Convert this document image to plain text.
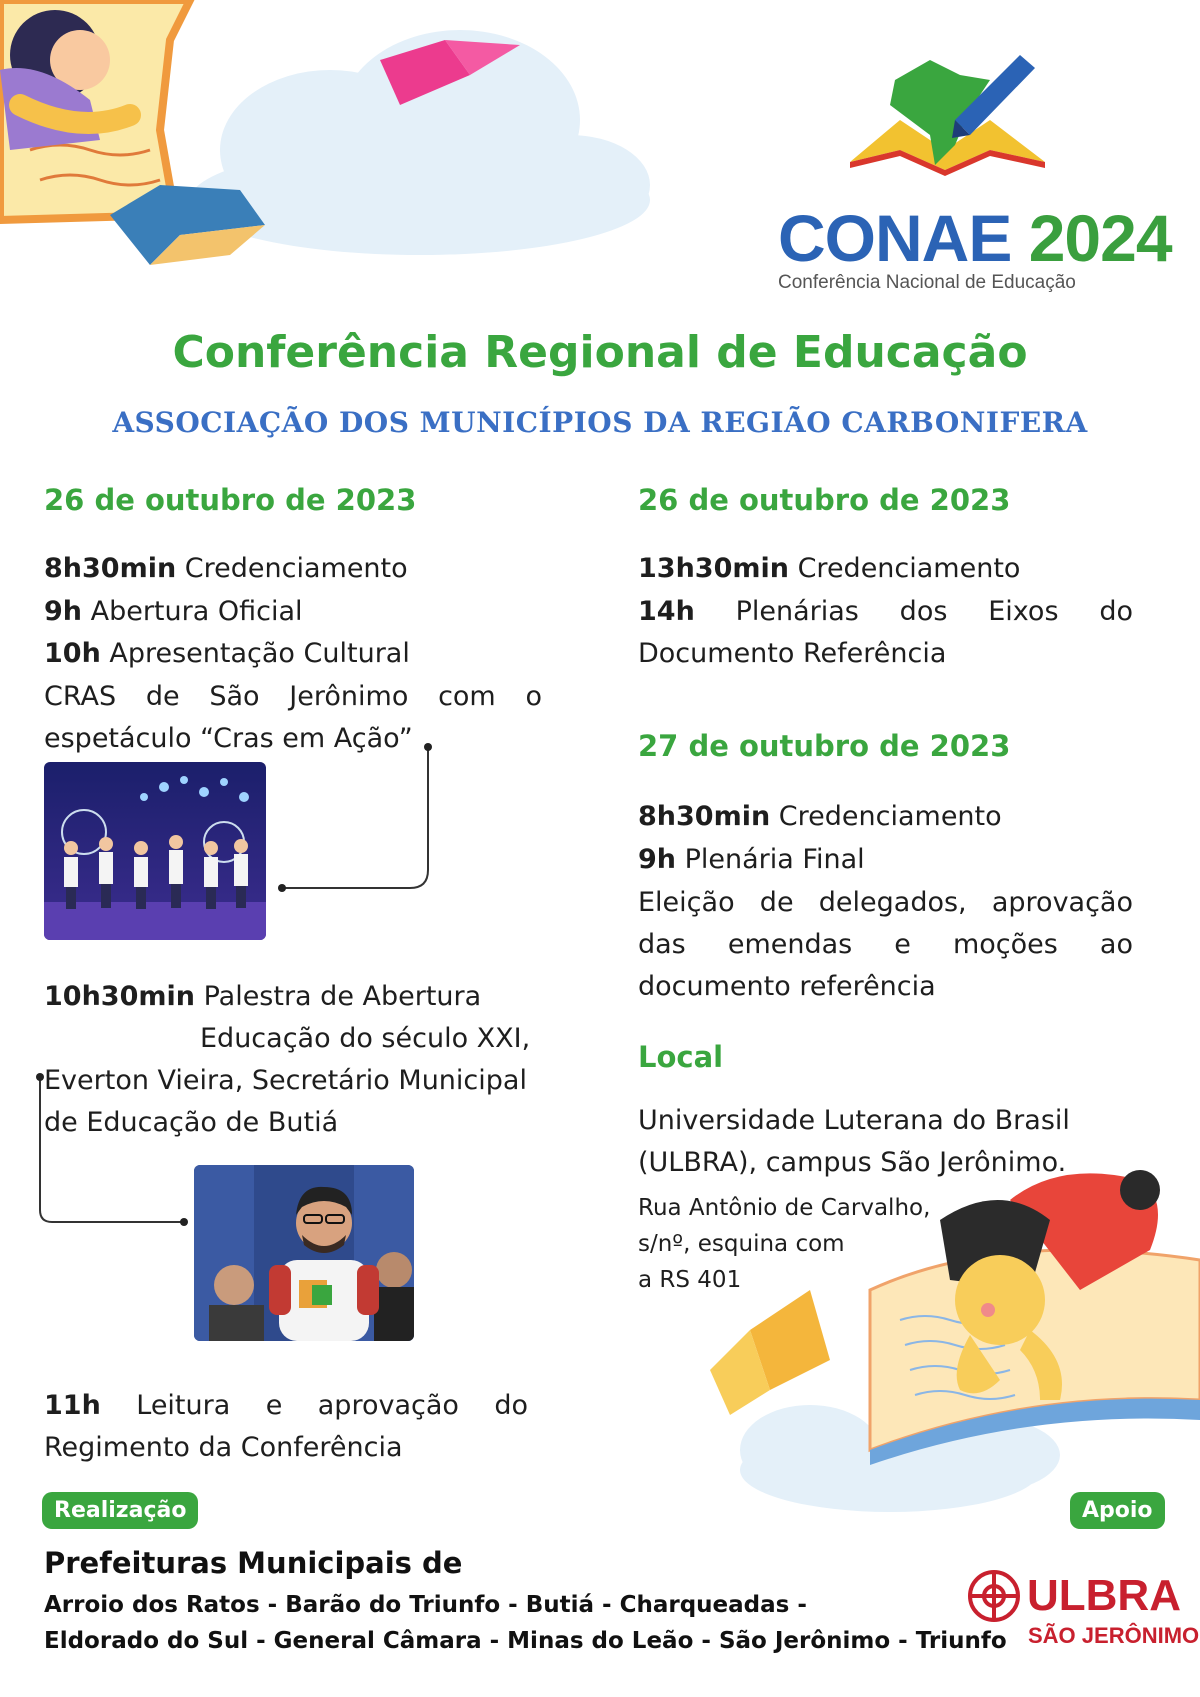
CONAE 2024
Conferência Nacional de Educação
Conferência Regional de Educação
ASSOCIAÇÃO DOS MUNICÍPIOS DA REGIÃO CARBONIFERA
26 de outubro de 2023
8h30min Credenciamento
9h Abertura Oficial
10h Apresentação Cultural
CRAS de São Jerônimo com o
espetáculo “Cras em Ação”
10h30min Palestra de Abertura
Educação do século XXI,
Everton Vieira, Secretário Municipal
de Educação de Butiá
11h Leitura e aprovação do
Regimento da Conferência
26 de outubro de 2023
13h30min Credenciamento
14h Plenárias dos Eixos do
Documento Referência
27 de outubro de 2023
8h30min Credenciamento
9h Plenária Final
Eleição de delegados, aprovação
das emendas e moções ao
documento referência
Local
Universidade Luterana do Brasil
(ULBRA), campus São Jerônimo.
Rua Antônio de Carvalho,
s/nº, esquina com
a RS 401
Realização	Apoio
Prefeituras Municipais de
Arroio dos Ratos - Barão do Triunfo - Butiá - Charqueadas -
Eldorado do Sul - General Câmara - Minas do Leão - São Jerônimo - Triunfo
ULBRA
SÃO JERÔNIMO
